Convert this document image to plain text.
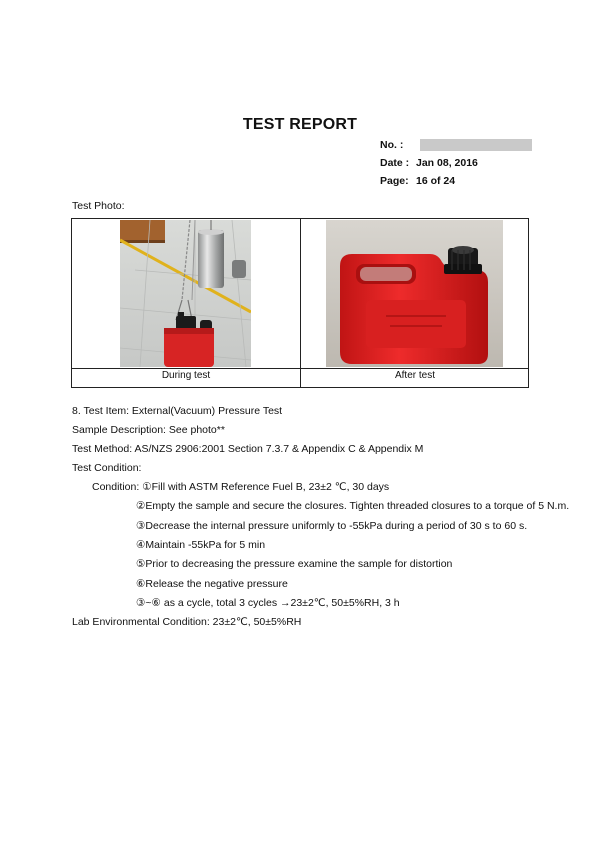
TEST REPORT
No. :
Date : Jan 08, 2016
Page: 16 of 24
Test Photo:
During test	After test
8. Test Item: External(Vacuum) Pressure Test
Sample Description: See photo**
Test Method: AS/NZS 2906:2001 Section 7.3.7 & Appendix C & Appendix M
Test Condition:
Condition: ①Fill with ASTM Reference Fuel B, 23±2 ℃, 30 days
②Empty the sample and secure the closures. Tighten threaded closures to a torque of 5 N.m.
③Decrease the internal pressure uniformly to -55kPa during a period of 30 s to 60 s.
④Maintain -55kPa for 5 min
⑤Prior to decreasing the pressure examine the sample for distortion
⑥Release the negative pressure
③~⑥ as a cycle, total 3 cycles →23±2℃, 50±5%RH, 3 h
Lab Environmental Condition: 23±2℃, 50±5%RH
